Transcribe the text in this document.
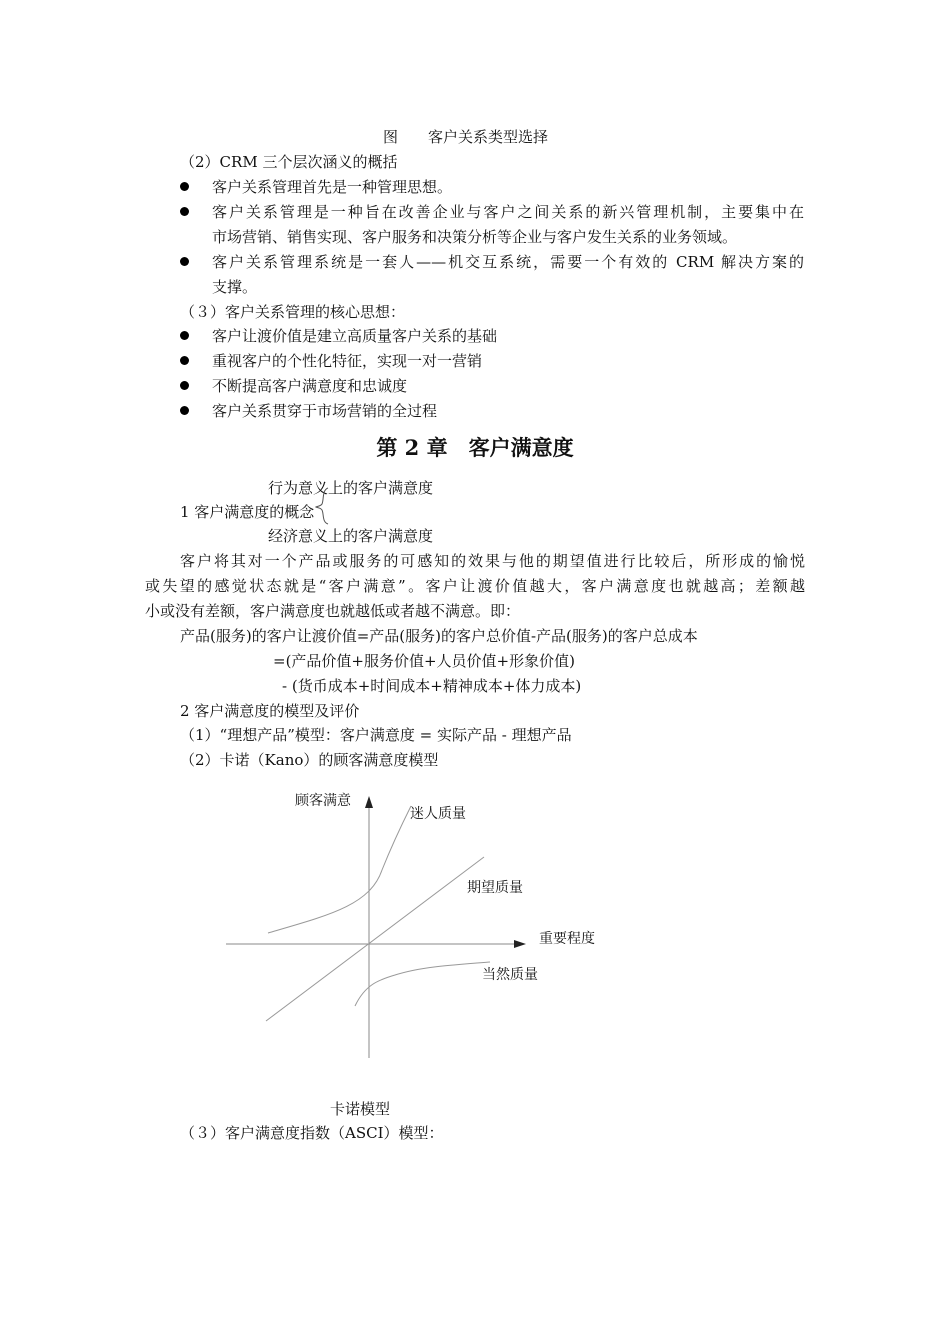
图　　客户关系类型选择
（2）CRM 三个层次涵义的概括
客户关系管理首先是一种管理思想。
客户关系管理是一种旨在改善企业与客户之间关系的新兴管理机制，主要集中在
市场营销、销售实现、客户服务和决策分析等企业与客户发生关系的业务领域。
客户关系管理系统是一套人——机交互系统，需要一个有效的 CRM 解决方案的
支撑。
（３）客户关系管理的核心思想：
客户让渡价值是建立高质量客户关系的基础
重视客户的个性化特征，实现一对一营销
不断提高客户满意度和忠诚度
客户关系贯穿于市场营销的全过程
第 2 章　客户满意度
行为意义上的客户满意度
1 客户满意度的概念
经济意义上的客户满意度
客户将其对一个产品或服务的可感知的效果与他的期望值进行比较后，所形成的愉悦
或失望的感觉状态就是“客户满意”。客户让渡价值越大，客户满意度也就越高；差额越
小或没有差额，客户满意度也就越低或者越不满意。即：
产品(服务)的客户让渡价值=产品(服务)的客户总价值-产品(服务)的客户总成本
=(产品价值+服务价值+人员价值+形象价值)
- (货币成本+时间成本+精神成本+体力成本)
2 客户满意度的模型及评价
（1）“理想产品”模型：客户满意度 = 实际产品 - 理想产品
（2）卡诺（Kano）的顾客满意度模型
顾客满意
迷人质量
期望质量
重要程度
当然质量
卡诺模型
（３）客户满意度指数（ASCI）模型：
